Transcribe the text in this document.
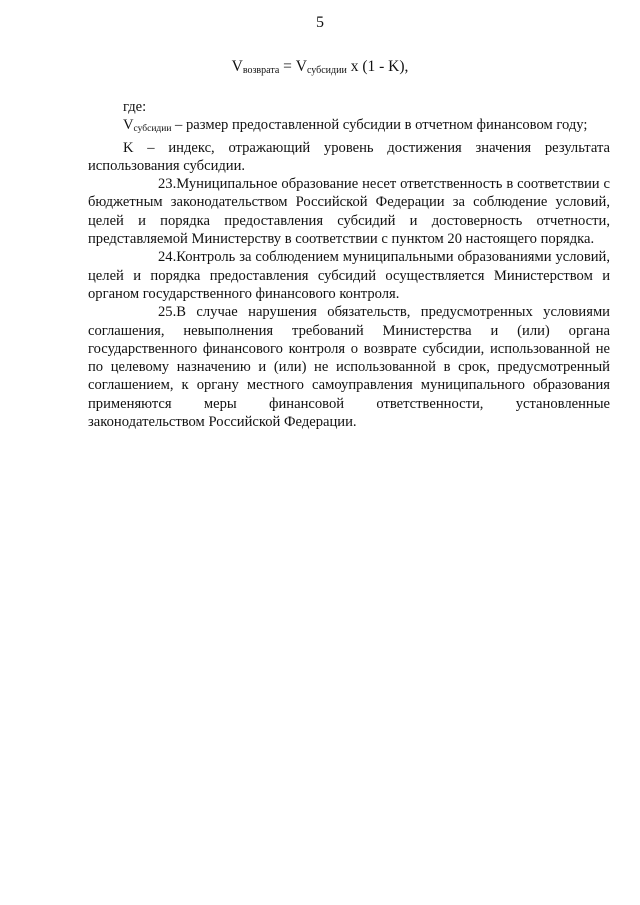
5
$V_{возврата} = V_{субсидии}$ x (1 - K),

где:

$V_{субсидии}$ – размер предоставленной субсидии в отчетном финансовом году;

K – индекс, отражающий уровень достижения значения результата использования субсидии.

23.Муниципальное образование несет ответственность в соответствии с бюджетным законодательством Российской Федерации за соблюдение условий, целей и порядка предоставления субсидий и достоверность отчетности, представляемой Министерству в соответствии с пунктом 20 настоящего порядка.

24.Контроль за соблюдением муниципальными образованиями условий, целей и порядка предоставления субсидий осуществляется Министерством и органом государственного финансового контроля.

25.В случае нарушения обязательств, предусмотренных условиями соглашения, невыполнения требований Министерства и (или) органа государственного финансового контроля о возврате субсидии, использованной не по целевому назначению и (или) не использованной в срок, предусмотренный соглашением, к органу местного самоуправления муниципального образования применяются меры финансовой ответственности, установленные законодательством Российской Федерации.
